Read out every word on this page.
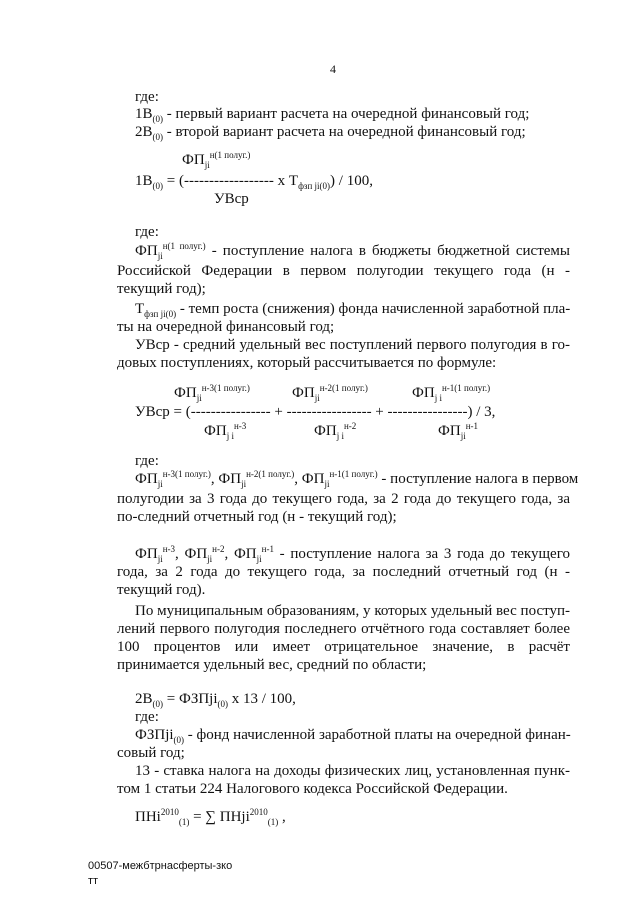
4
где:
$1В_{(0)}$ - первый вариант расчета на очередной финансовый год;
$2В_{(0)}$ - второй вариант расчета на очередной финансовый год;
$ФП_{ji}^{н(1 полуг.)}$
$1В_{(0)}$ = (------------------ х $Т_{фзп ji(0)}) / 100$,
УВср
где:
$ФП_{ji}^{н(1 полуг.)}$ - поступление налога в бюджеты бюджетной системы
Российской Федерации в первом полугодии текущего года (н - текущий год);
$Т_{фзп ji(0)}$ - темп роста (снижения) фонда начисленной заработной пла-
ты на очередной финансовый год;
УВср - средний удельный вес поступлений первого полугодия в го-
довых поступлениях, который рассчитывается по формуле:
$ФП_{ji}^{н-3(1 полуг.)}$	$ФП_{ji}^{н-2(1 полуг.)}$	$ФП_{j i}^{н-1(1 полуг.)}$
УВср = (---------------- + ----------------- + ----------------) / 3,
$ФП_{j i}^{н-3}$	$ФП_{j i}^{н-2}$	$ФП_{ji}^{н-1}$
где:
$ФП_{ji}^{н-3(1 полуг.)}$, $ФП_{ji}^{н-2(1 полуг.)}$, $ФП_{ji}^{н-1(1 полуг.)}$ - поступление налога в первом
полугодии за 3 года до текущего года, за 2 года до текущего года, за по-следний отчетный год (н - текущий год);
$ФП_{ji}^{н-3}$, $ФП_{ji}^{н-2}$, $ФП_{ji}^{н-1}$ - поступление налога за 3 года до текущего
года, за 2 года до текущего года, за последний отчетный год (н - текущий год).
По муниципальным образованиям, у которых удельный вес поступ-
лений первого полугодия последнего отчётного года составляет более 100 процентов или имеет отрицательное значение, в расчёт принимается удельный вес, средний по области;
$2В_{(0)}$ = ФЗПji$_{(0)}$ х 13 / 100,
где:
ФЗПji$_{(0)}$ - фонд начисленной заработной платы на очередной финан-
совый год;
13 - ставка налога на доходы физических лиц, установленная пунк-
том 1 статьи 224 Налогового кодекса Российской Федерации.
ПНi$^{2010}_{(1)}$ = ∑ ПНji$^{2010}_{(1)}$ ,
00507-межбтрнасферты-зко
тт
